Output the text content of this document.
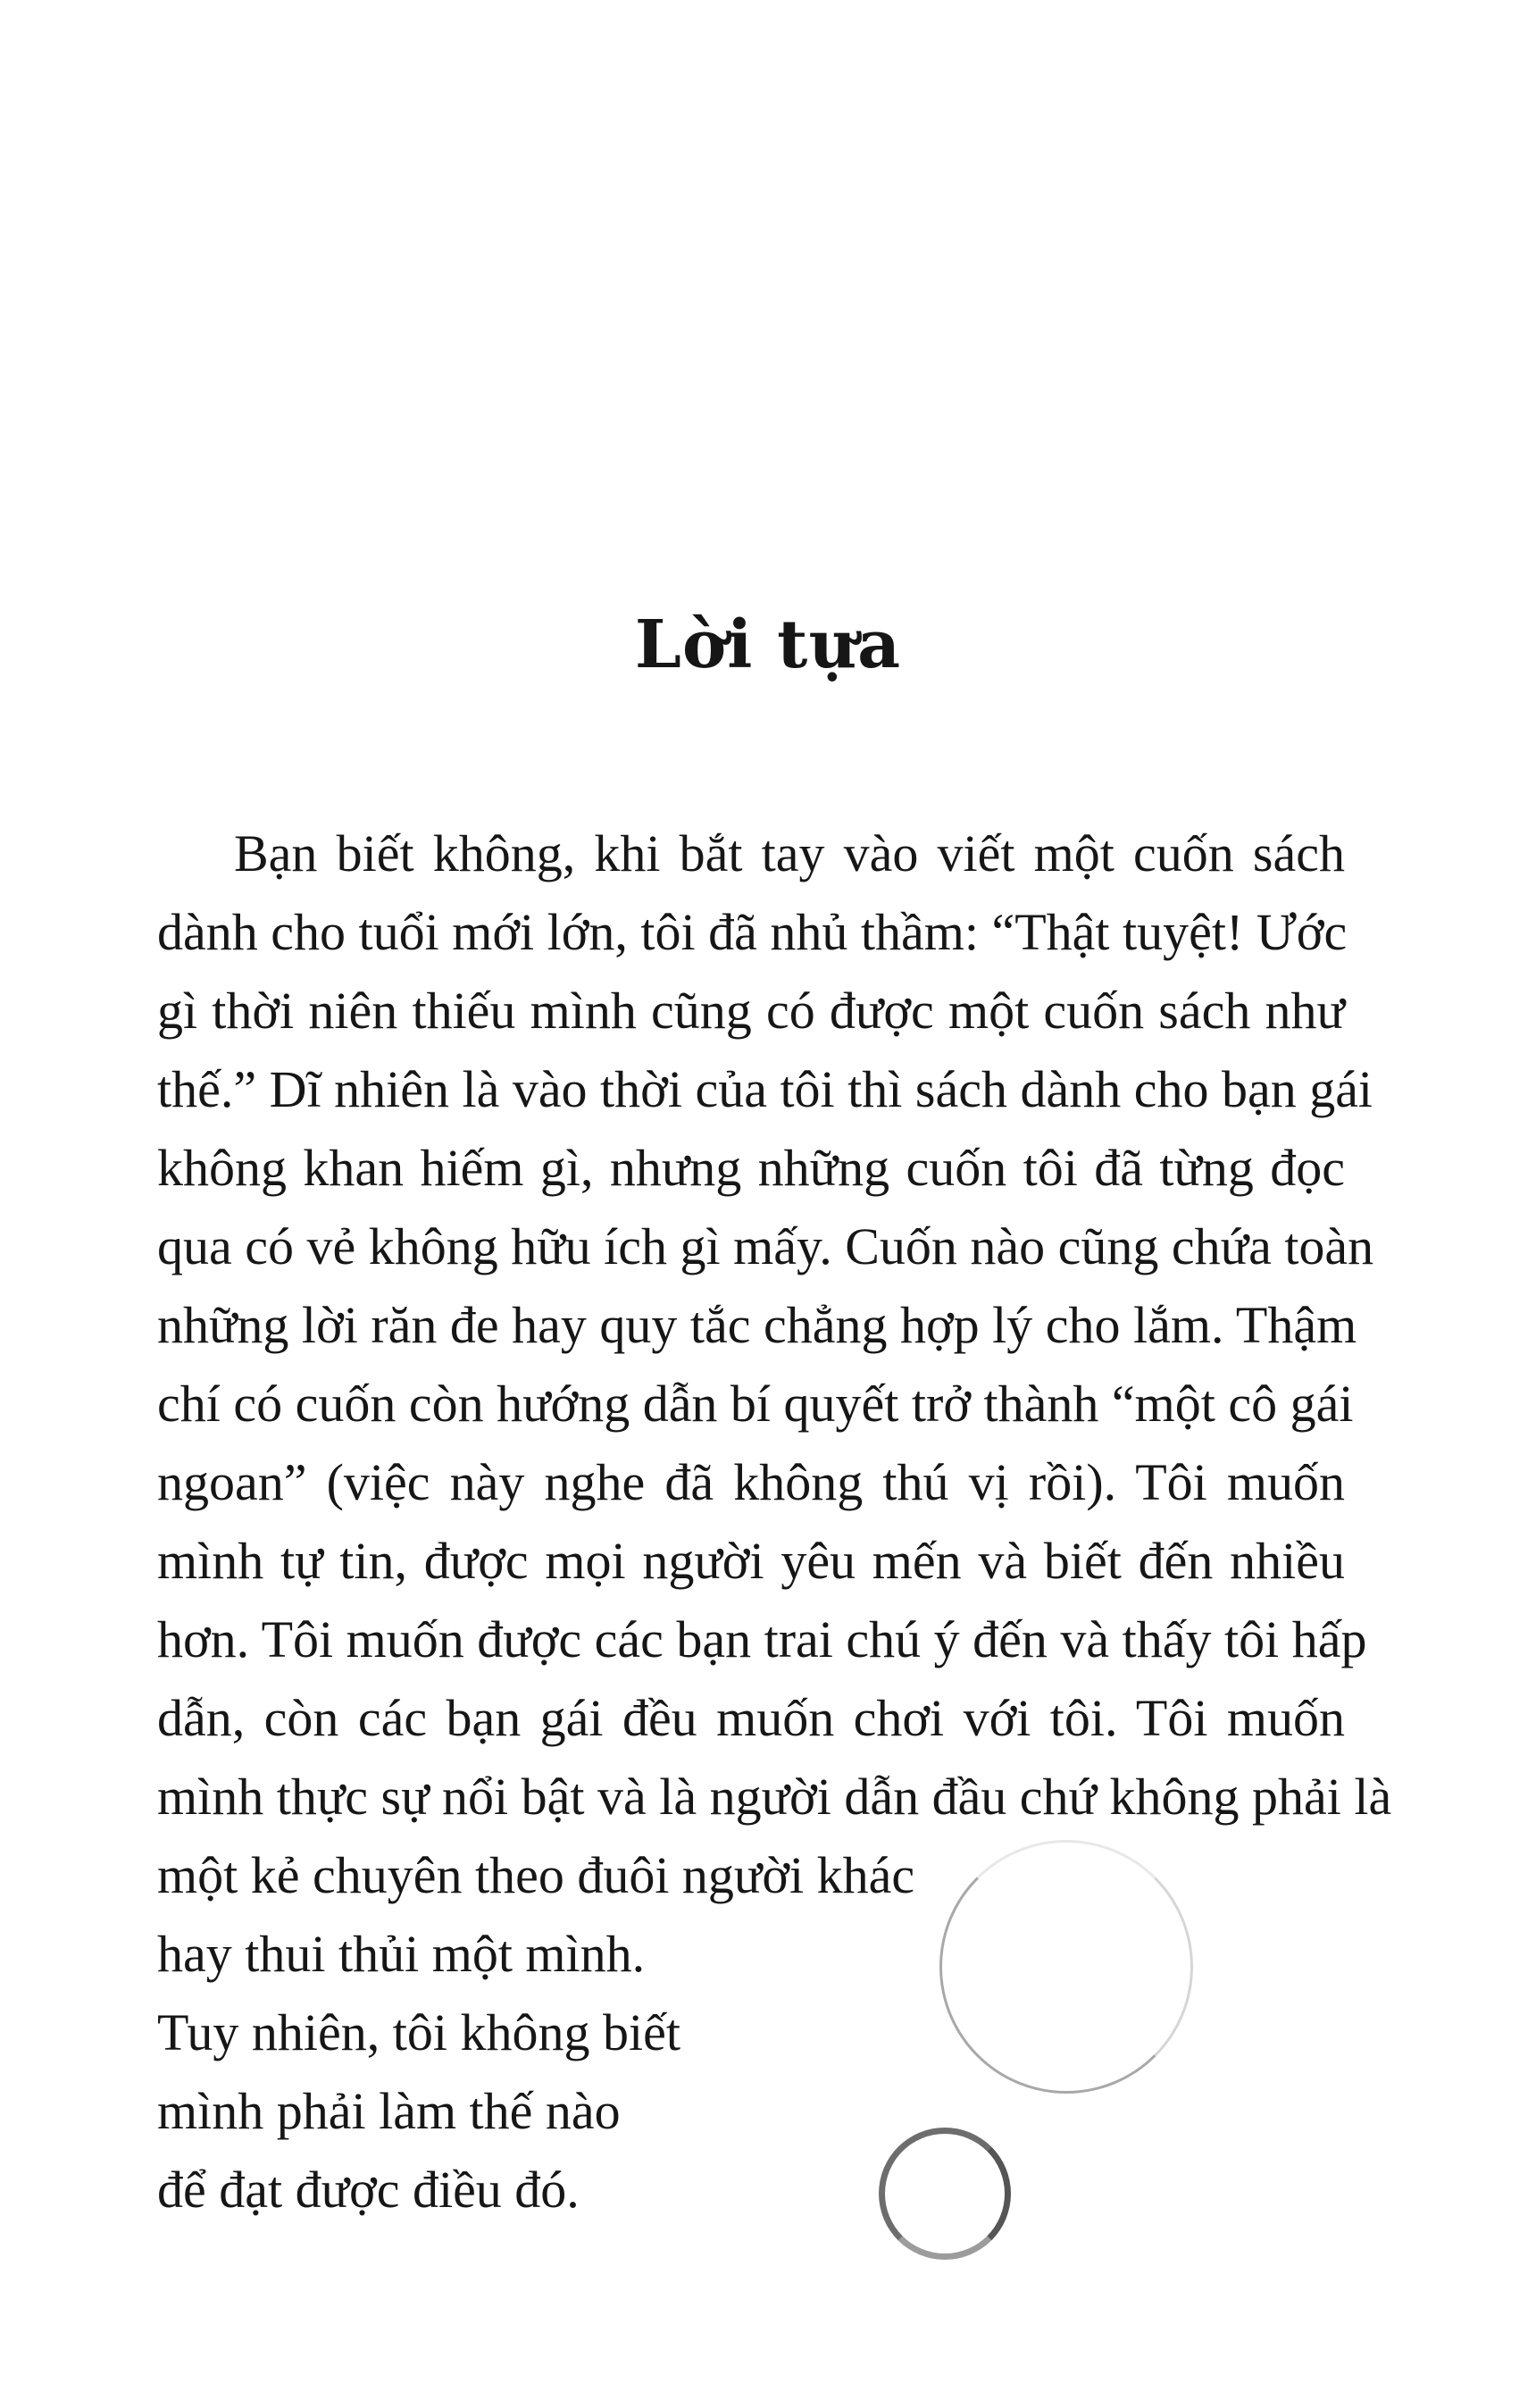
Lời tựa

Bạn biết không, khi bắt tay vào viết một cuốn sách

dành cho tuổi mới lớn, tôi đã nhủ thầm: “Thật tuyệt! Ước

gì thời niên thiếu mình cũng có được một cuốn sách như

thế.” Dĩ nhiên là vào thời của tôi thì sách dành cho bạn gái

không khan hiếm gì, nhưng những cuốn tôi đã từng đọc

qua có vẻ không hữu ích gì mấy. Cuốn nào cũng chứa toàn

những lời răn đe hay quy tắc chẳng hợp lý cho lắm. Thậm

chí có cuốn còn hướng dẫn bí quyết trở thành “một cô gái

ngoan” (việc này nghe đã không thú vị rồi). Tôi muốn

mình tự tin, được mọi người yêu mến và biết đến nhiều

hơn. Tôi muốn được các bạn trai chú ý đến và thấy tôi hấp

dẫn, còn các bạn gái đều muốn chơi với tôi. Tôi muốn

mình thực sự nổi bật và là người dẫn đầu chứ không phải là

một kẻ chuyên theo đuôi người khác

hay thui thủi một mình.

Tuy nhiên, tôi không biết

mình phải làm thế nào

để đạt được điều đó.
